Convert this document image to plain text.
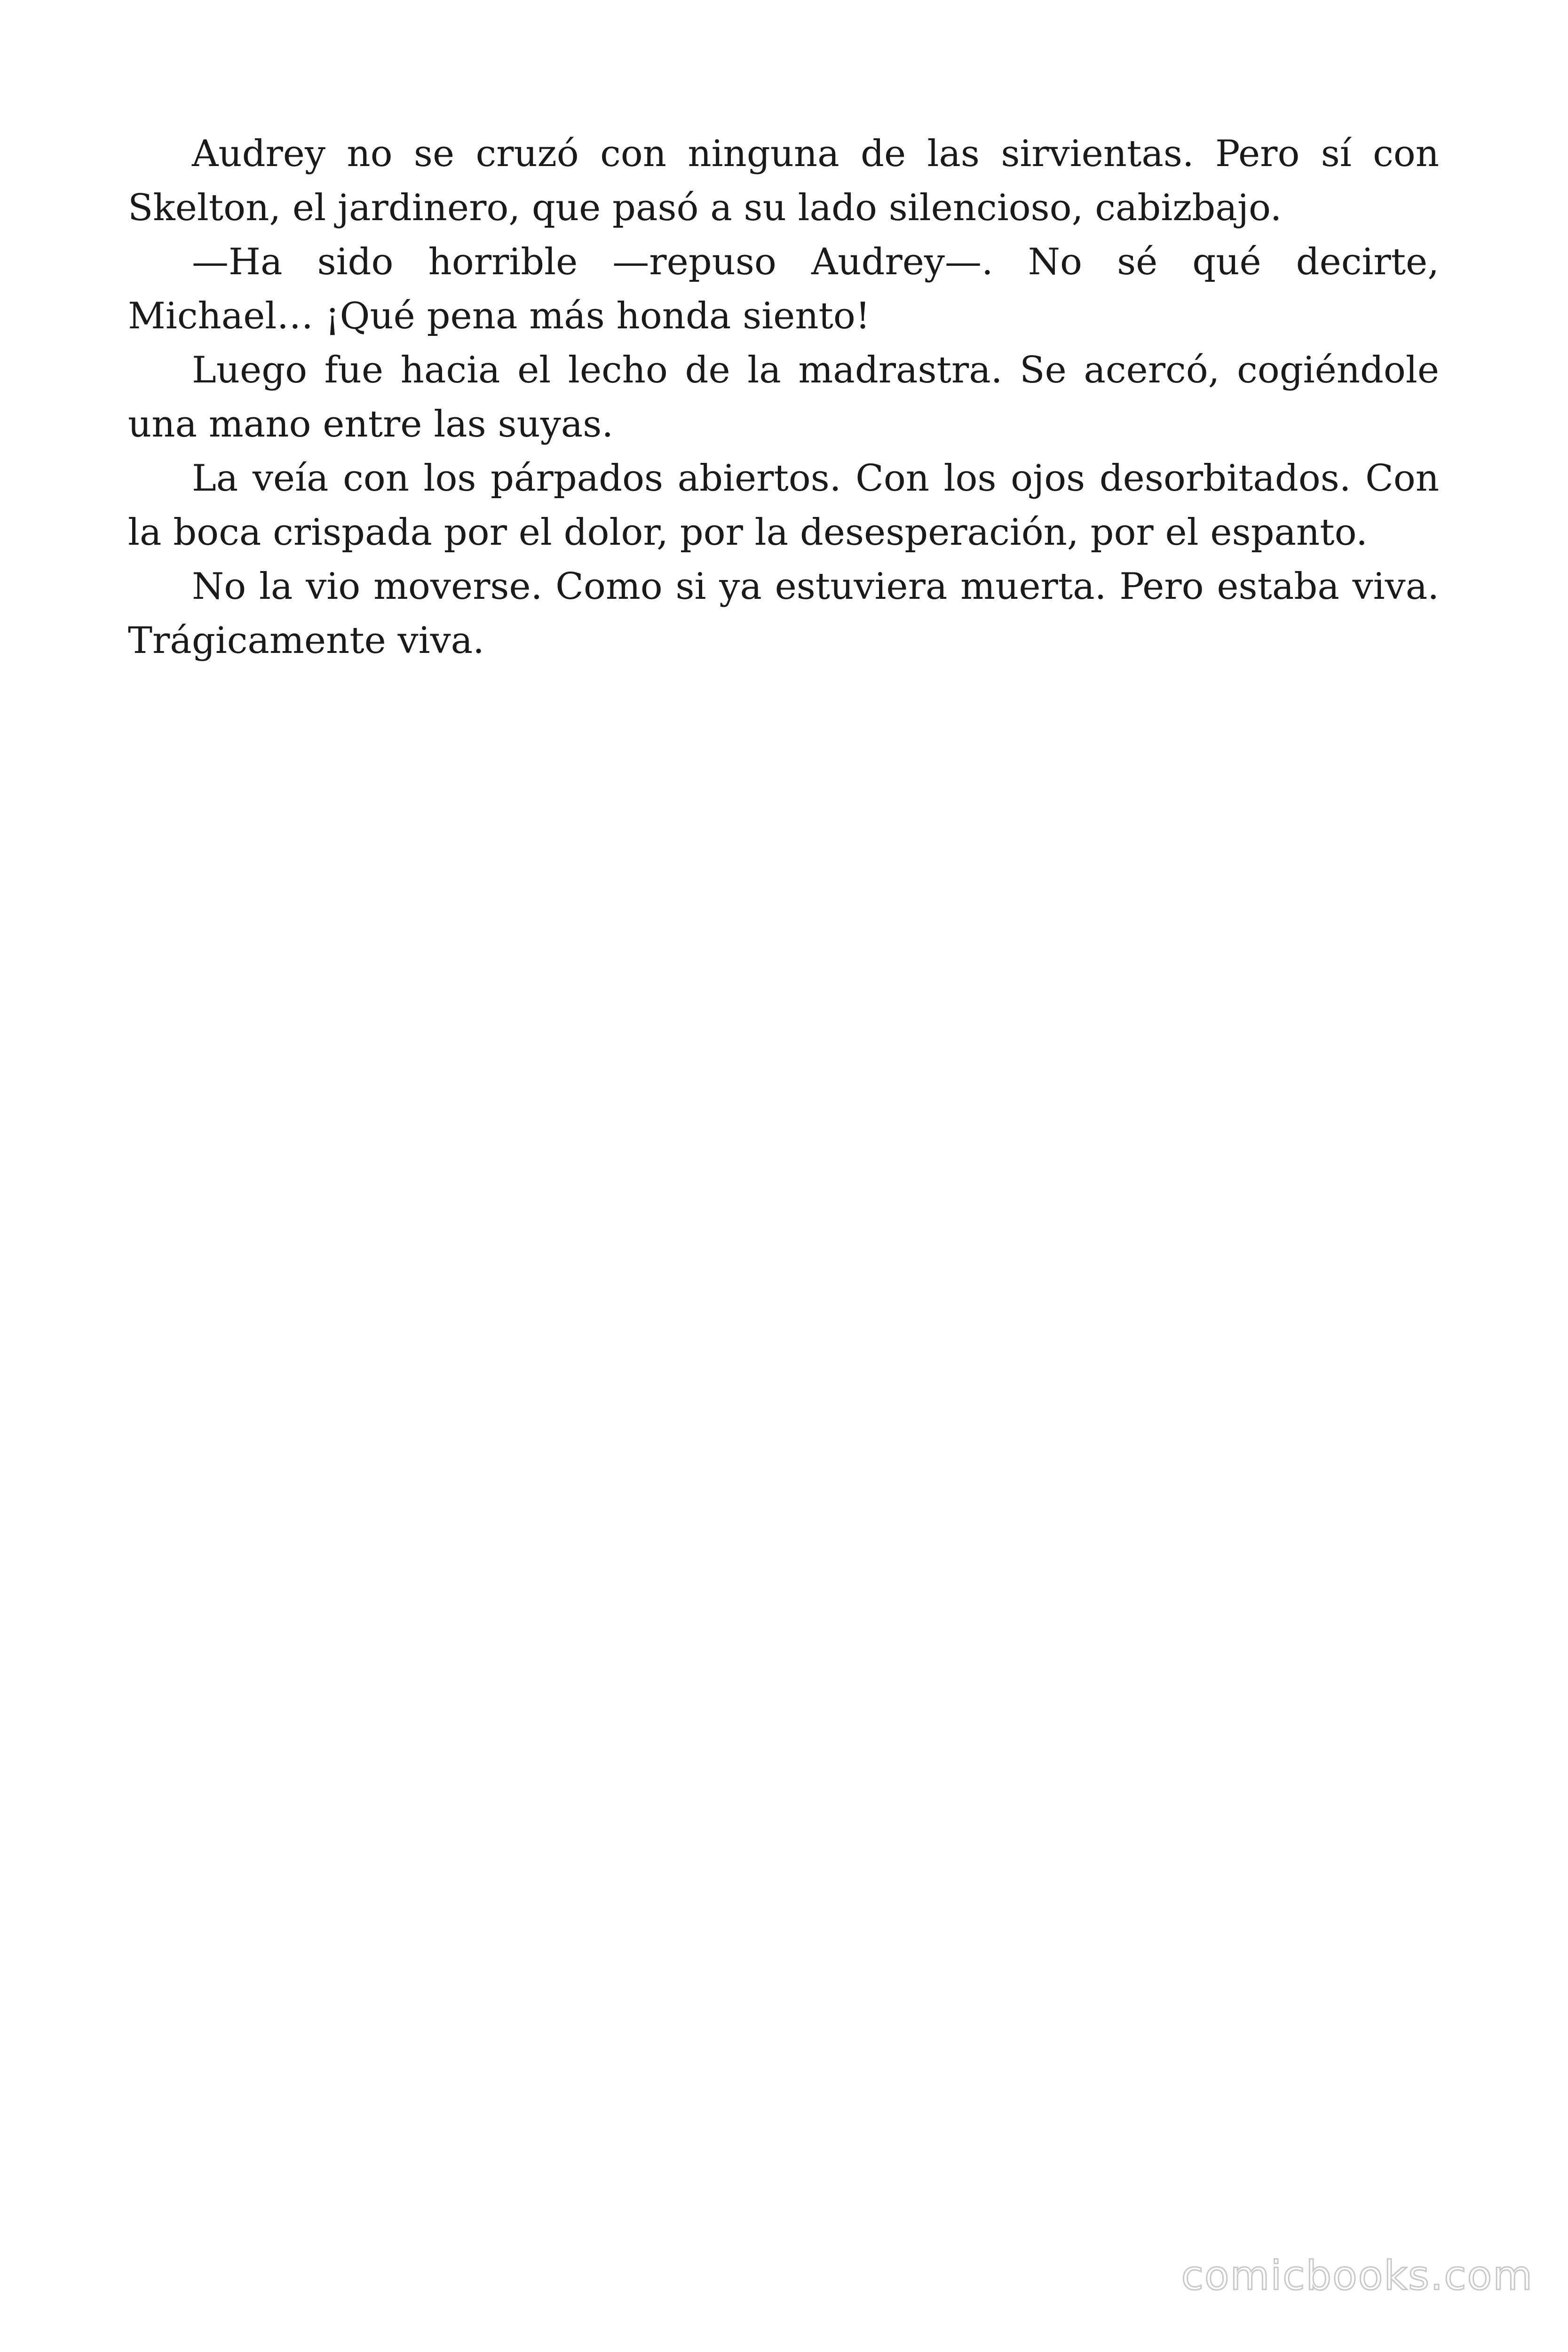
Audrey no se cruzó con ninguna de las sirvientas. Pero sí con Skelton, el jardinero, que pasó a su lado silencioso, cabizbajo.

—Ha sido horrible —repuso Audrey—. No sé qué decirte, Michael… ¡Qué pena más honda siento!

Luego fue hacia el lecho de la madrastra. Se acercó, cogiéndole una mano entre las suyas.

La veía con los párpados abiertos. Con los ojos desorbitados. Con la boca crispada por el dolor, por la desesperación, por el espanto.

No la vio moverse. Como si ya estuviera muerta. Pero estaba viva. Trágicamente viva.

comicbooks.com
